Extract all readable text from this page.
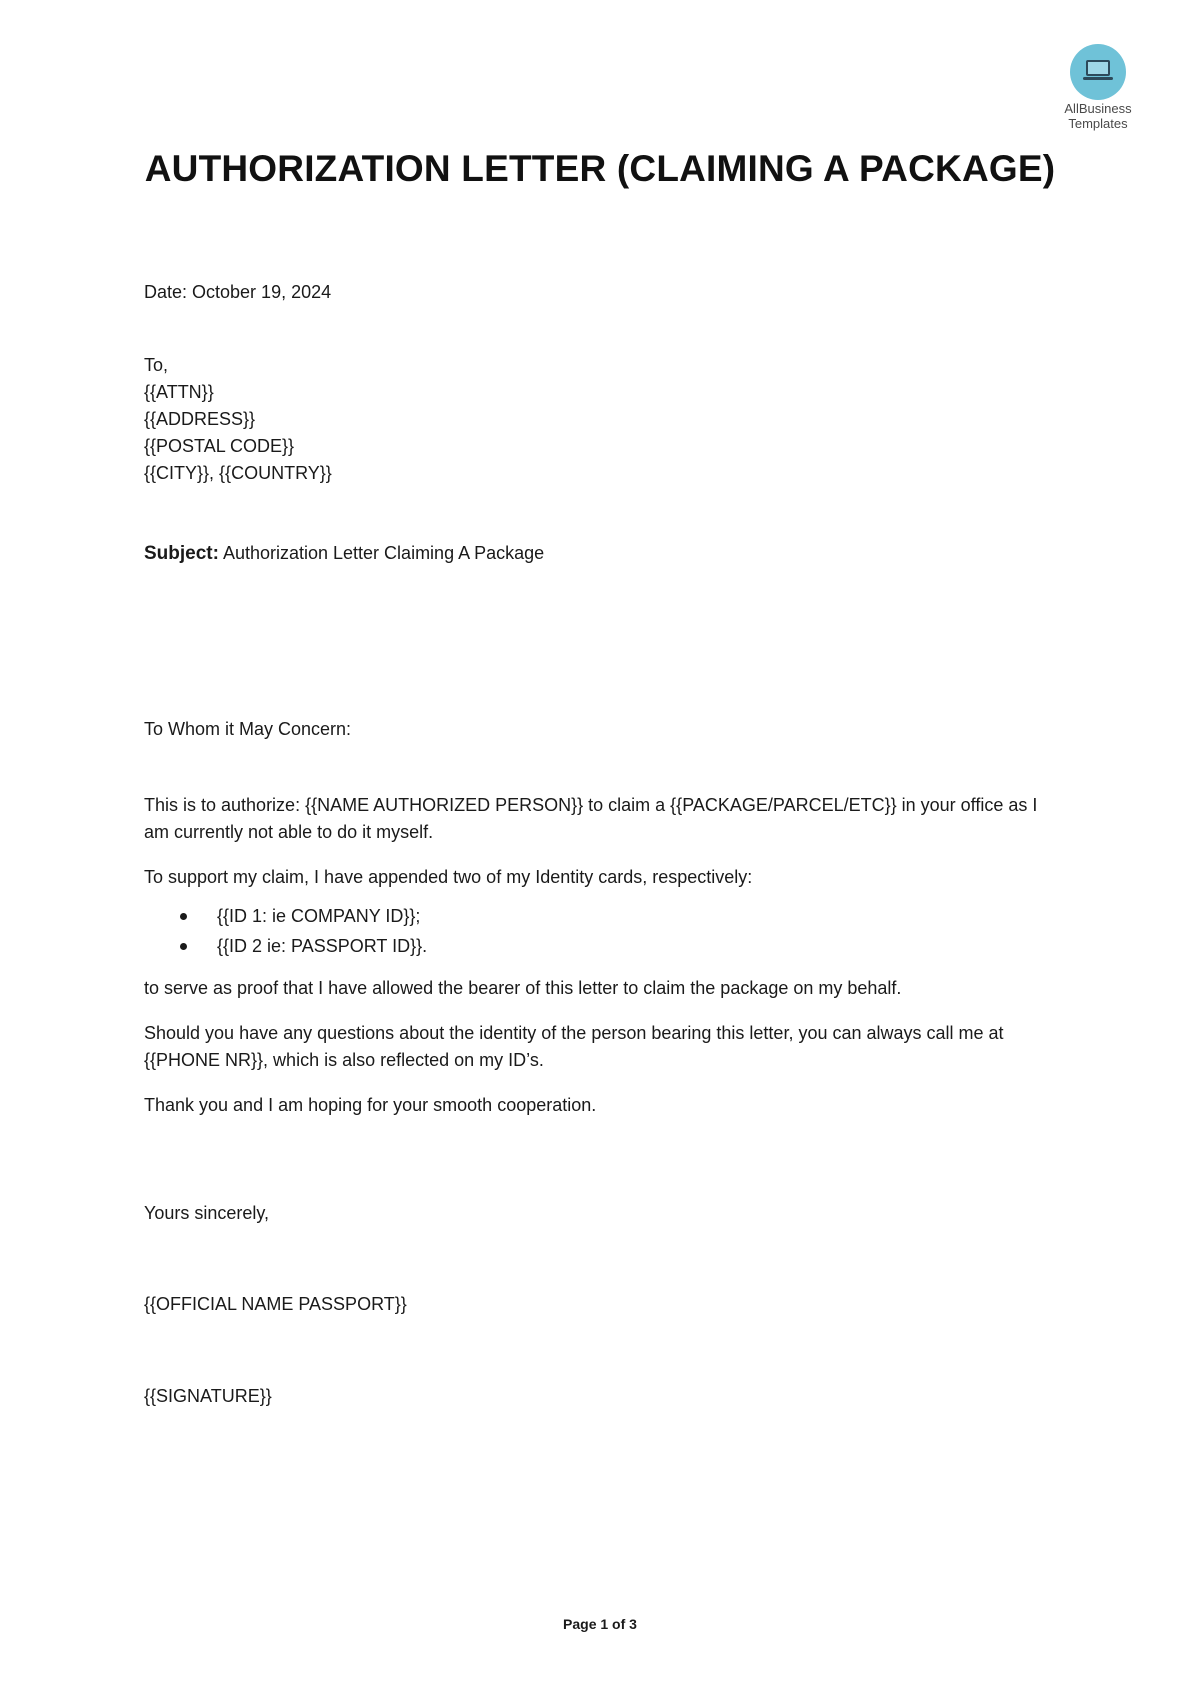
AllBusiness
Templates
AUTHORIZATION LETTER (CLAIMING A PACKAGE)
Date: October 19, 2024
To,
{{ATTN}}
{{ADDRESS}}
{{POSTAL CODE}}
{{CITY}}, {{COUNTRY}}
Subject: Authorization Letter Claiming A Package
To Whom it May Concern:

This is to authorize: {{NAME AUTHORIZED PERSON}} to claim a {{PACKAGE/PARCEL/ETC}} in your office as I am currently not able to do it myself.

To support my claim, I have appended two of my Identity cards, respectively:

{{ID 1: ie COMPANY ID}};
{{ID 2 ie: PASSPORT ID}}.

to serve as proof that I have allowed the bearer of this letter to claim the package on my behalf.

Should you have any questions about the identity of the person bearing this letter, you can always call me at {{PHONE NR}}, which is also reflected on my ID’s.

Thank you and I am hoping for your smooth cooperation.

Yours sincerely,
{{OFFICIAL NAME PASSPORT}}
{{SIGNATURE}}
Page 1 of 3
